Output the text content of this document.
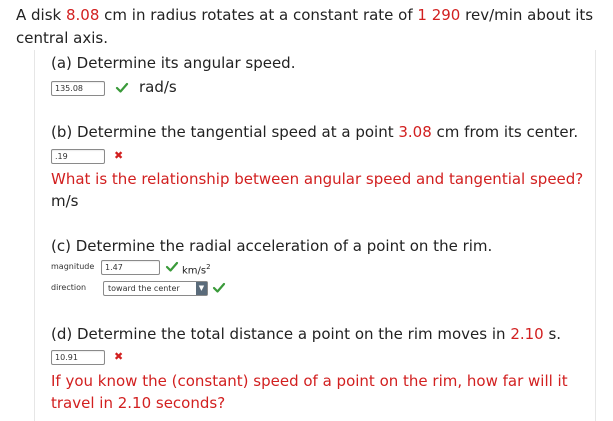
A disk 8.08 cm in radius rotates at a constant rate of 1 290 rev/min about its central axis.
(a) Determine its angular speed.
135.08	rad/s
(b) Determine the tangential speed at a point 3.08 cm from its center.
.19	✖
What is the relationship between angular speed and tangential speed?
m/s
(c) Determine the radial acceleration of a point on the rim.
magnitude	1.47	$km/s^2$
direction	toward the center	▼
(d) Determine the total distance a point on the rim moves in 2.10 s.
10.91	✖
If you know the (constant) speed of a point on the rim, how far will it travel in 2.10 seconds?
